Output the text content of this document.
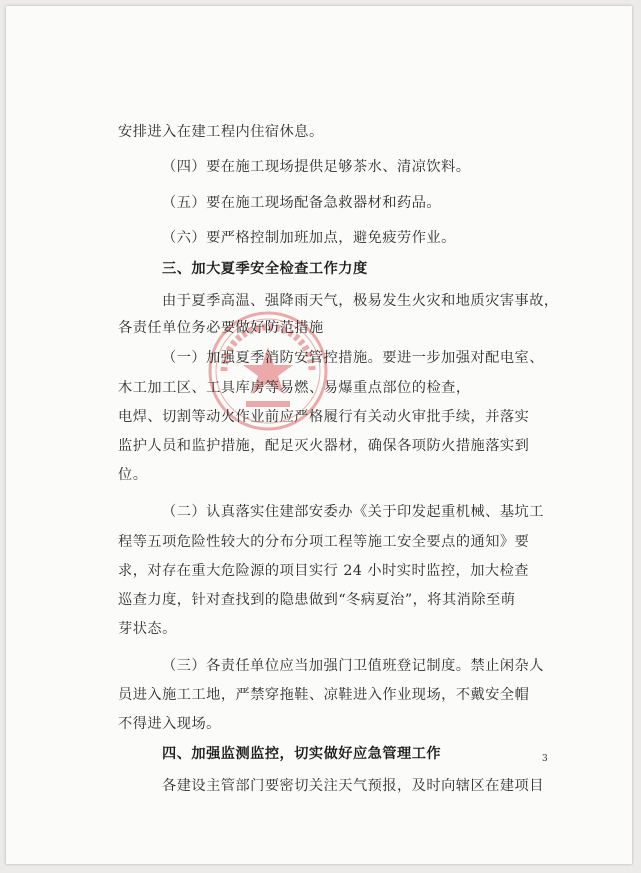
安排进入在建工程内住宿休息。
（四）要在施工现场提供足够茶水、清凉饮料。
（五）要在施工现场配备急救器材和药品。
（六）要严格控制加班加点，避免疲劳作业。
三、加大夏季安全检查工作力度
由于夏季高温、强降雨天气，极易发生火灾和地质灾害事故，
各责任单位务必要做好防范措施
（一）加强夏季消防安管控措施。要进一步加强对配电室、
木工加工区、工具库房等易燃、易爆重点部位的检查，
电焊、切割等动火作业前应严格履行有关动火审批手续，并落实
监护人员和监护措施，配足灭火器材，确保各项防火措施落实到
位。
（二）认真落实住建部安委办《关于印发起重机械、基坑工
程等五项危险性较大的分布分项工程等施工安全要点的通知》要
求，对存在重大危险源的项目实行 24 小时实时监控，加大检查
巡查力度，针对查找到的隐患做到“冬病夏治”，将其消除至萌
芽状态。
（三）各责任单位应当加强门卫值班登记制度。禁止闲杂人
员进入施工工地，严禁穿拖鞋、凉鞋进入作业现场，不戴安全帽
不得进入现场。
四、加强监测监控，切实做好应急管理工作
各建设主管部门要密切关注天气预报，及时向辖区在建项目
3
